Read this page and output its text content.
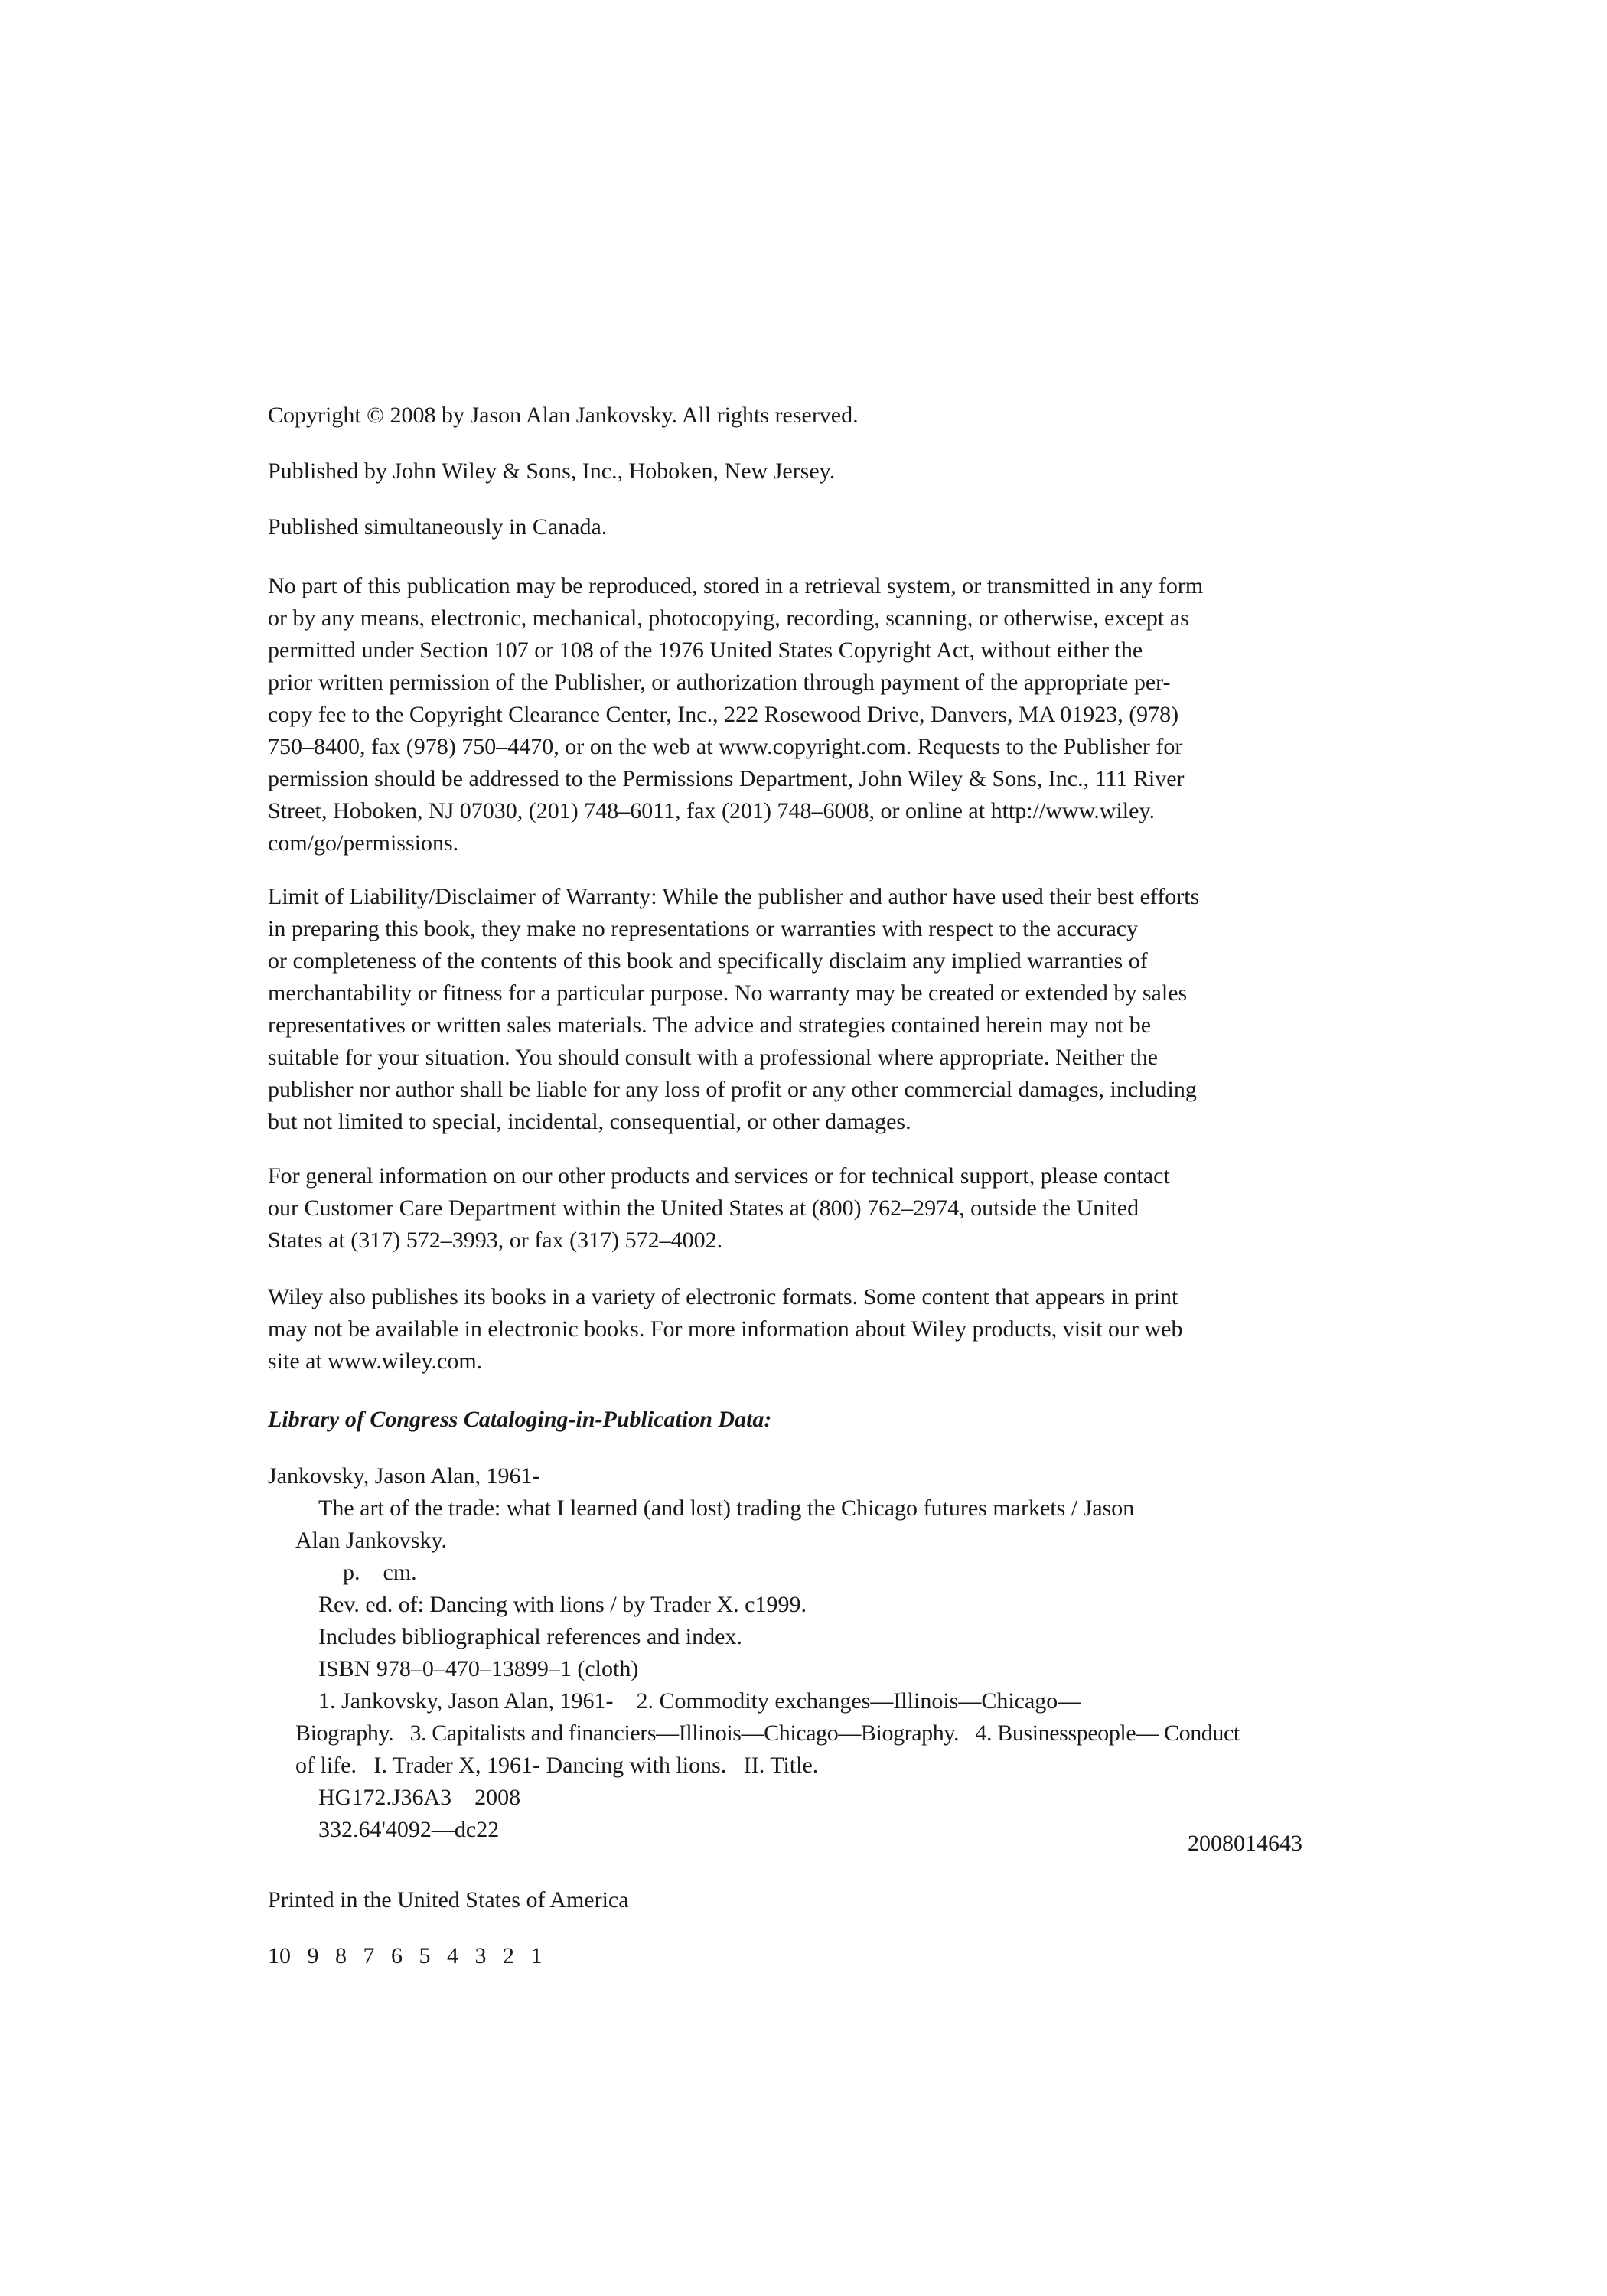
Copyright © 2008 by Jason Alan Jankovsky. All rights reserved.

Published by John Wiley & Sons, Inc., Hoboken, New Jersey.

Published simultaneously in Canada.

No part of this publication may be reproduced, stored in a retrieval system, or transmitted in any form
or by any means, electronic, mechanical, photocopying, recording, scanning, or otherwise, except as
permitted under Section 107 or 108 of the 1976 United States Copyright Act, without either the
prior written permission of the Publisher, or authorization through payment of the appropriate per-
copy fee to the Copyright Clearance Center, Inc., 222 Rosewood Drive, Danvers, MA 01923, (978)
750–8400, fax (978) 750–4470, or on the web at www.copyright.com. Requests to the Publisher for
permission should be addressed to the Permissions Department, John Wiley & Sons, Inc., 111 River
Street, Hoboken, NJ 07030, (201) 748–6011, fax (201) 748–6008, or online at http://www.wiley.
com/go/permissions.
Limit of Liability/Disclaimer of Warranty: While the publisher and author have used their best efforts
in preparing this book, they make no representations or warranties with respect to the accuracy
or completeness of the contents of this book and specifically disclaim any implied warranties of
merchantability or fitness for a particular purpose. No warranty may be created or extended by sales
representatives or written sales materials. The advice and strategies contained herein may not be
suitable for your situation. You should consult with a professional where appropriate. Neither the
publisher nor author shall be liable for any loss of profit or any other commercial damages, including
but not limited to special, incidental, consequential, or other damages.
For general information on our other products and services or for technical support, please contact
our Customer Care Department within the United States at (800) 762–2974, outside the United
States at (317) 572–3993, or fax (317) 572–4002.
Wiley also publishes its books in a variety of electronic formats. Some content that appears in print
may not be available in electronic books. For more information about Wiley products, visit our web
site at www.wiley.com.

Library of Congress Cataloging-in-Publication Data:

Jankovsky, Jason Alan, 1961-
The art of the trade: what I learned (and lost) trading the Chicago futures markets / Jason
Alan Jankovsky.
p.    cm.
Rev. ed. of: Dancing with lions / by Trader X. c1999.
Includes bibliographical references and index.
ISBN 978–0–470–13899–1 (cloth)
1. Jankovsky, Jason Alan, 1961-    2. Commodity exchanges—Illinois—Chicago—
Biography.   3. Capitalists and financiers—Illinois—Chicago—Biography.   4. Businesspeople— Conduct
of life.   I. Trader X, 1961- Dancing with lions.   II. Title.
HG172.J36A3    2008
332.64'4092—dc22

2008014643

Printed in the United States of America

10 9 8 7 6 5 4 3 2 1
